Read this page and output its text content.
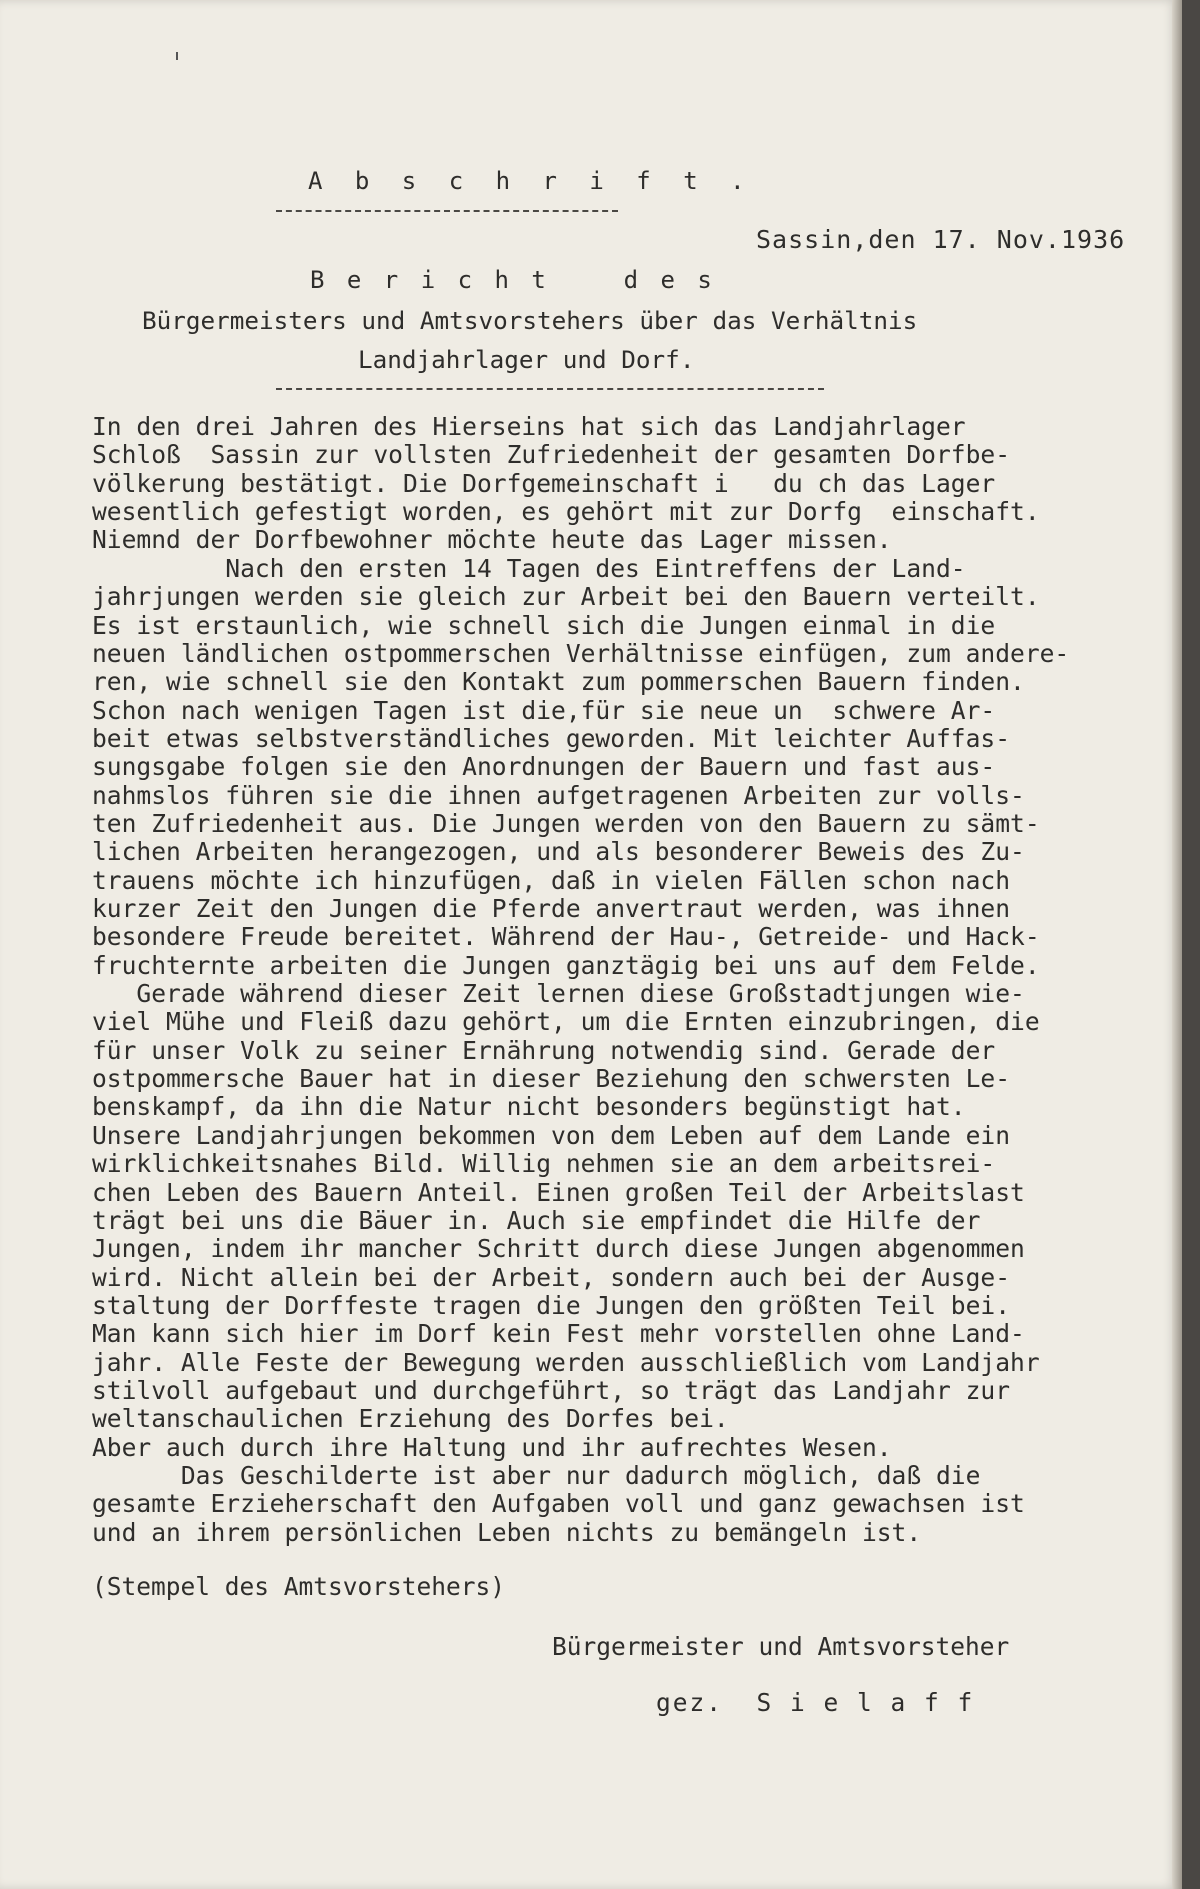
A b s c h r i f t .
Sassin,den 17. Nov.1936
B e r i c h t    d e s
Bürgermeisters und Amtsvorstehers über das Verhältnis
Landjahrlager und Dorf.
In den drei Jahren des Hierseins hat sich das Landjahrlager
Schloß  Sassin zur vollsten Zufriedenheit der gesamten Dorfbe-
völkerung bestätigt. Die Dorfgemeinschaft i   du ch das Lager
wesentlich gefestigt worden, es gehört mit zur Dorfg  einschaft.
Niemnd der Dorfbewohner möchte heute das Lager missen.
Nach den ersten 14 Tagen des Eintreffens der Land-
jahrjungen werden sie gleich zur Arbeit bei den Bauern verteilt.
Es ist erstaunlich, wie schnell sich die Jungen einmal in die
neuen ländlichen ostpommerschen Verhältnisse einfügen, zum andere-
ren, wie schnell sie den Kontakt zum pommerschen Bauern finden.
Schon nach wenigen Tagen ist die,für sie neue un  schwere Ar-
beit etwas selbstverständliches geworden. Mit leichter Auffas-
sungsgabe folgen sie den Anordnungen der Bauern und fast aus-
nahmslos führen sie die ihnen aufgetragenen Arbeiten zur volls-
ten Zufriedenheit aus. Die Jungen werden von den Bauern zu sämt-
lichen Arbeiten herangezogen, und als besonderer Beweis des Zu-
trauens möchte ich hinzufügen, daß in vielen Fällen schon nach
kurzer Zeit den Jungen die Pferde anvertraut werden, was ihnen
besondere Freude bereitet. Während der Hau-, Getreide- und Hack-
fruchternte arbeiten die Jungen ganztägig bei uns auf dem Felde.
Gerade während dieser Zeit lernen diese Großstadtjungen wie-
viel Mühe und Fleiß dazu gehört, um die Ernten einzubringen, die
für unser Volk zu seiner Ernährung notwendig sind. Gerade der
ostpommersche Bauer hat in dieser Beziehung den schwersten Le-
benskampf, da ihn die Natur nicht besonders begünstigt hat.
Unsere Landjahrjungen bekommen von dem Leben auf dem Lande ein
wirklichkeitsnahes Bild. Willig nehmen sie an dem arbeitsrei-
chen Leben des Bauern Anteil. Einen großen Teil der Arbeitslast
trägt bei uns die Bäuer in. Auch sie empfindet die Hilfe der
Jungen, indem ihr mancher Schritt durch diese Jungen abgenommen
wird. Nicht allein bei der Arbeit, sondern auch bei der Ausge-
staltung der Dorffeste tragen die Jungen den größten Teil bei.
Man kann sich hier im Dorf kein Fest mehr vorstellen ohne Land-
jahr. Alle Feste der Bewegung werden ausschließlich vom Landjahr
stilvoll aufgebaut und durchgeführt, so trägt das Landjahr zur
weltanschaulichen Erziehung des Dorfes bei.
Aber auch durch ihre Haltung und ihr aufrechtes Wesen.
Das Geschilderte ist aber nur dadurch möglich, daß die
gesamte Erzieherschaft den Aufgaben voll und ganz gewachsen ist
und an ihrem persönlichen Leben nichts zu bemängeln ist.
(Stempel des Amtsvorstehers)
Bürgermeister und Amtsvorsteher
gez.  S i e l a f f
